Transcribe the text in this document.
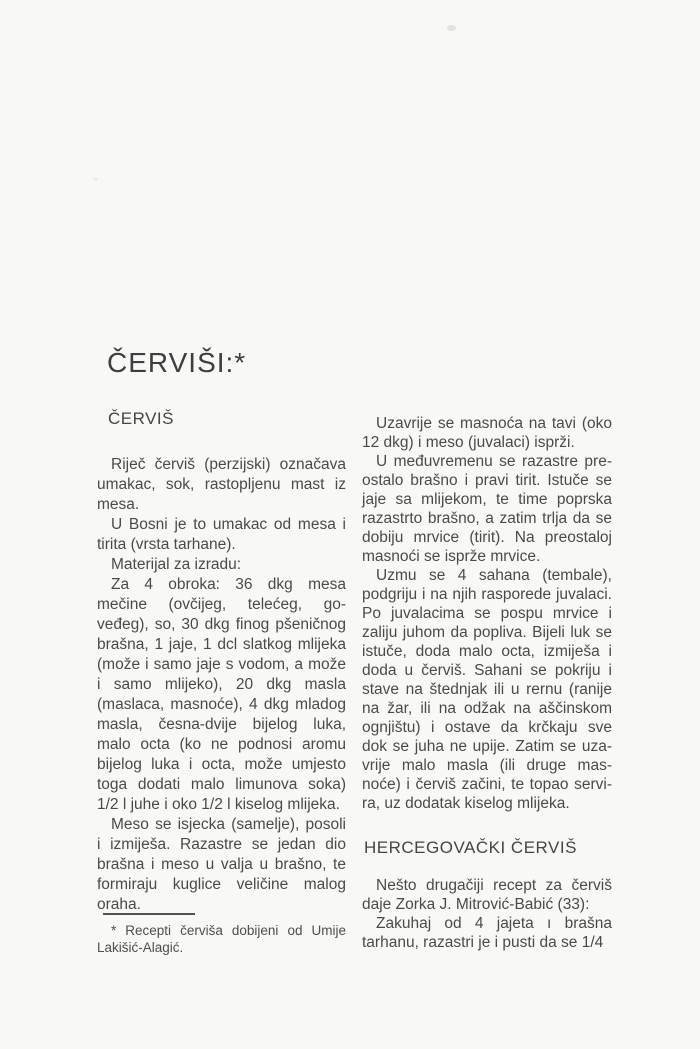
ČERVIŠI:*
ČERVIŠ
Riječ červiš (perzijski) označava
umakac, sok, rastopljenu mast iz
mesa.
U Bosni je to umakac od mesa i
tirita (vrsta tarhane).
Materijal za izradu:
Za 4 obroka: 36 dkg mesa
mečine (ovčijeg, telećeg, go-
veđeg), so, 30 dkg finog pšeničnog
brašna, 1 jaje, 1 dcl slatkog mlijeka
(može i samo jaje s vodom, a može
i samo mlijeko), 20 dkg masla
(maslaca, masnoće), 4 dkg mladog
masla, česna-dvije bijelog luka,
malo octa (ko ne podnosi aromu
bijelog luka i octa, može umjesto
toga dodati malo limunova soka)
1/2 l juhe i oko 1/2 l kiselog mlijeka.
Meso se isjecka (samelje), posoli
i izmiješa. Razastre se jedan dio
brašna i meso u valja u brašno, te
formiraju kuglice veličine malog
oraha.
* Recepti červiša dobijeni od Umije
Lakišić-Alagić.
Uzavrije se masnoća na tavi (oko
12 dkg) i meso (juvalaci) isprži.
U međuvremenu se razastre pre-
ostalo brašno i pravi tirit. Istuče se
jaje sa mlijekom, te time poprska
razastrto brašno, a zatim trlja da se
dobiju mrvice (tirit). Na preostaloj
masnoći se isprže mrvice.
Uzmu se 4 sahana (tembale),
podgriju i na njih rasporede juvalaci.
Po juvalacima se pospu mrvice i
zaliju juhom da popliva. Bijeli luk se
istuče, doda malo octa, izmiješa i
doda u červiš. Sahani se pokriju i
stave na štednjak ili u rernu (ranije
na žar, ili na odžak na aščinskom
ognjištu) i ostave da krčkaju sve
dok se juha ne upije. Zatim se uza-
vrije malo masla (ili druge mas-
noće) i červiš začini, te topao servi-
ra, uz dodatak kiselog mlijeka.
HERCEGOVAČKI ČERVIŠ
Nešto drugačiji recept za červiš
daje Zorka J. Mitrović-Babić (33):
Zakuhaj od 4 jajeta ı brašna
tarhanu, razastri je i pusti da se 1/4
